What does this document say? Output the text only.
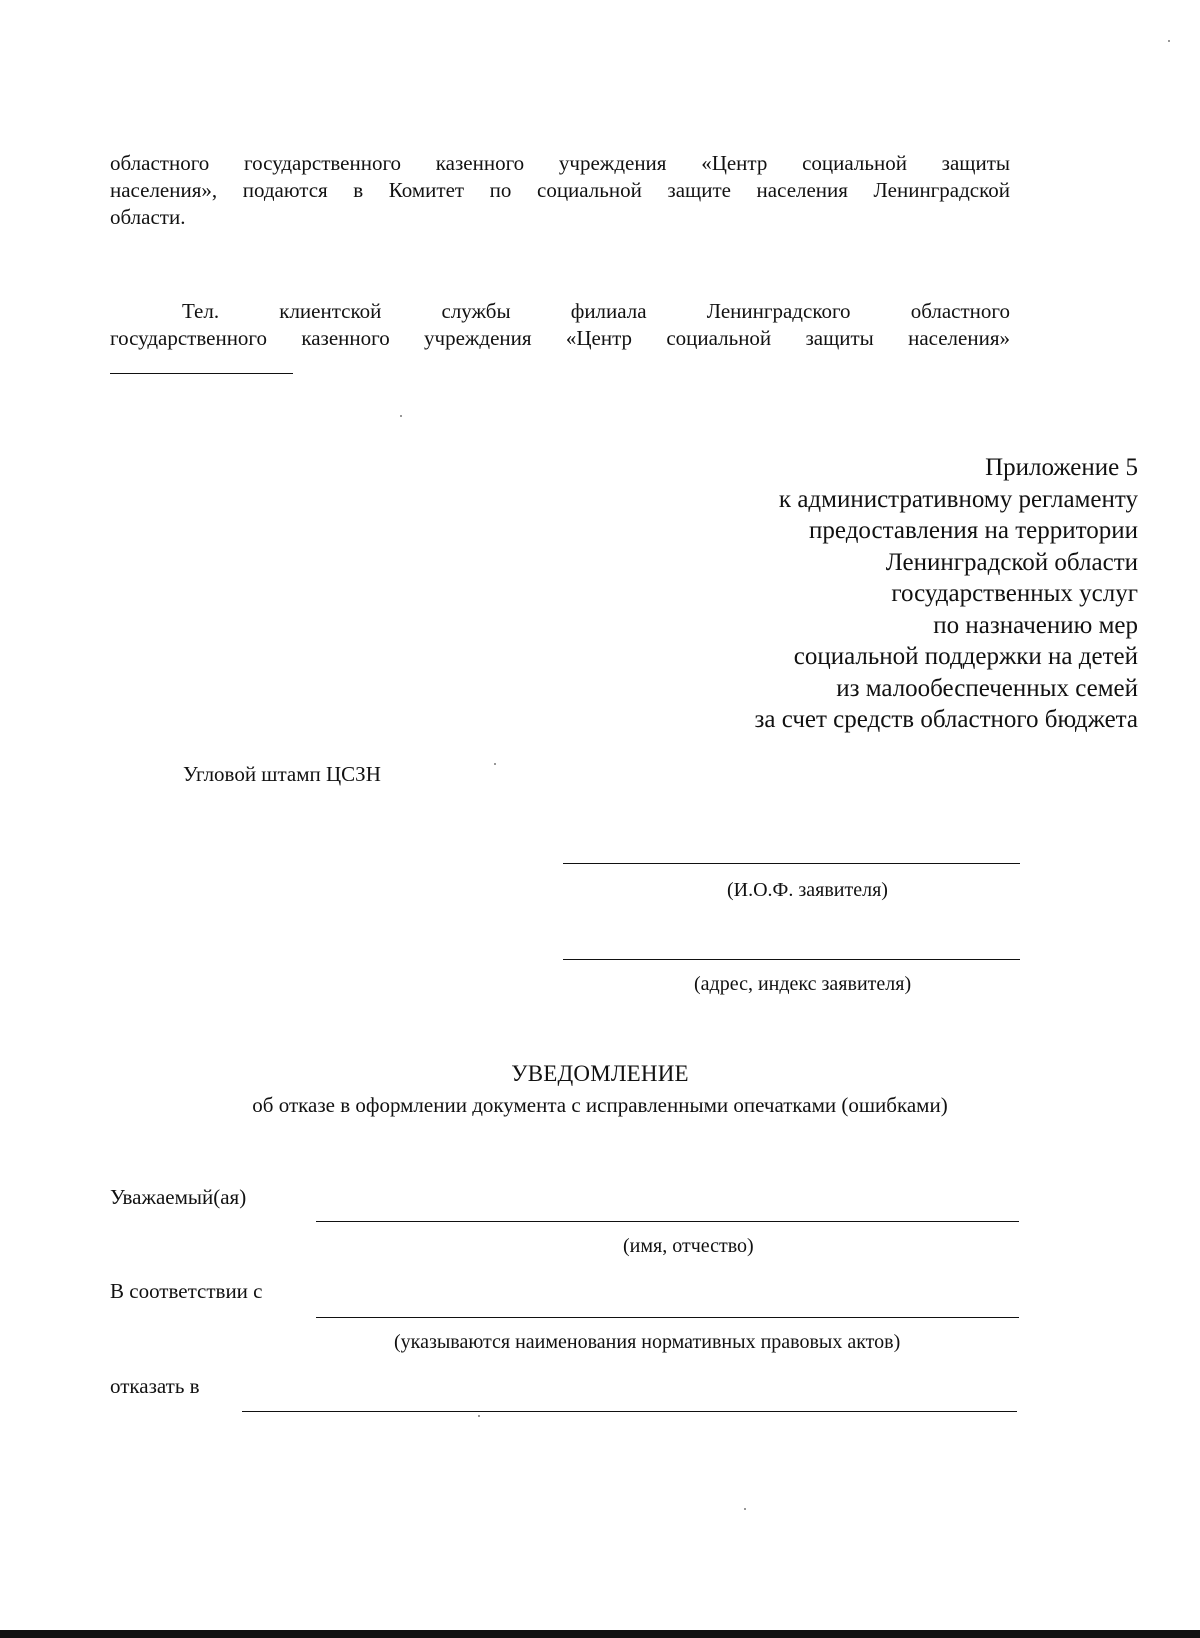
областного государственного казенного учреждения «Центр социальной защиты
населения», подаются в Комитет по социальной защите населения Ленинградской
области.
Тел. клиентской службы филиала Ленинградского областного
государственного казенного учреждения «Центр социальной защиты населения»
Приложение 5
к административному регламенту
предоставления на территории
Ленинградской области
государственных услуг
по назначению мер
социальной поддержки на детей
из малообеспеченных семей
за счет средств областного бюджета
Угловой штамп ЦСЗН
(И.О.Ф. заявителя)
(адрес, индекс заявителя)
УВЕДОМЛЕНИЕ
об отказе в оформлении документа с исправленными опечатками (ошибками)
Уважаемый(ая)
(имя, отчество)
В соответствии с
(указываются наименования нормативных правовых актов)
отказать в
